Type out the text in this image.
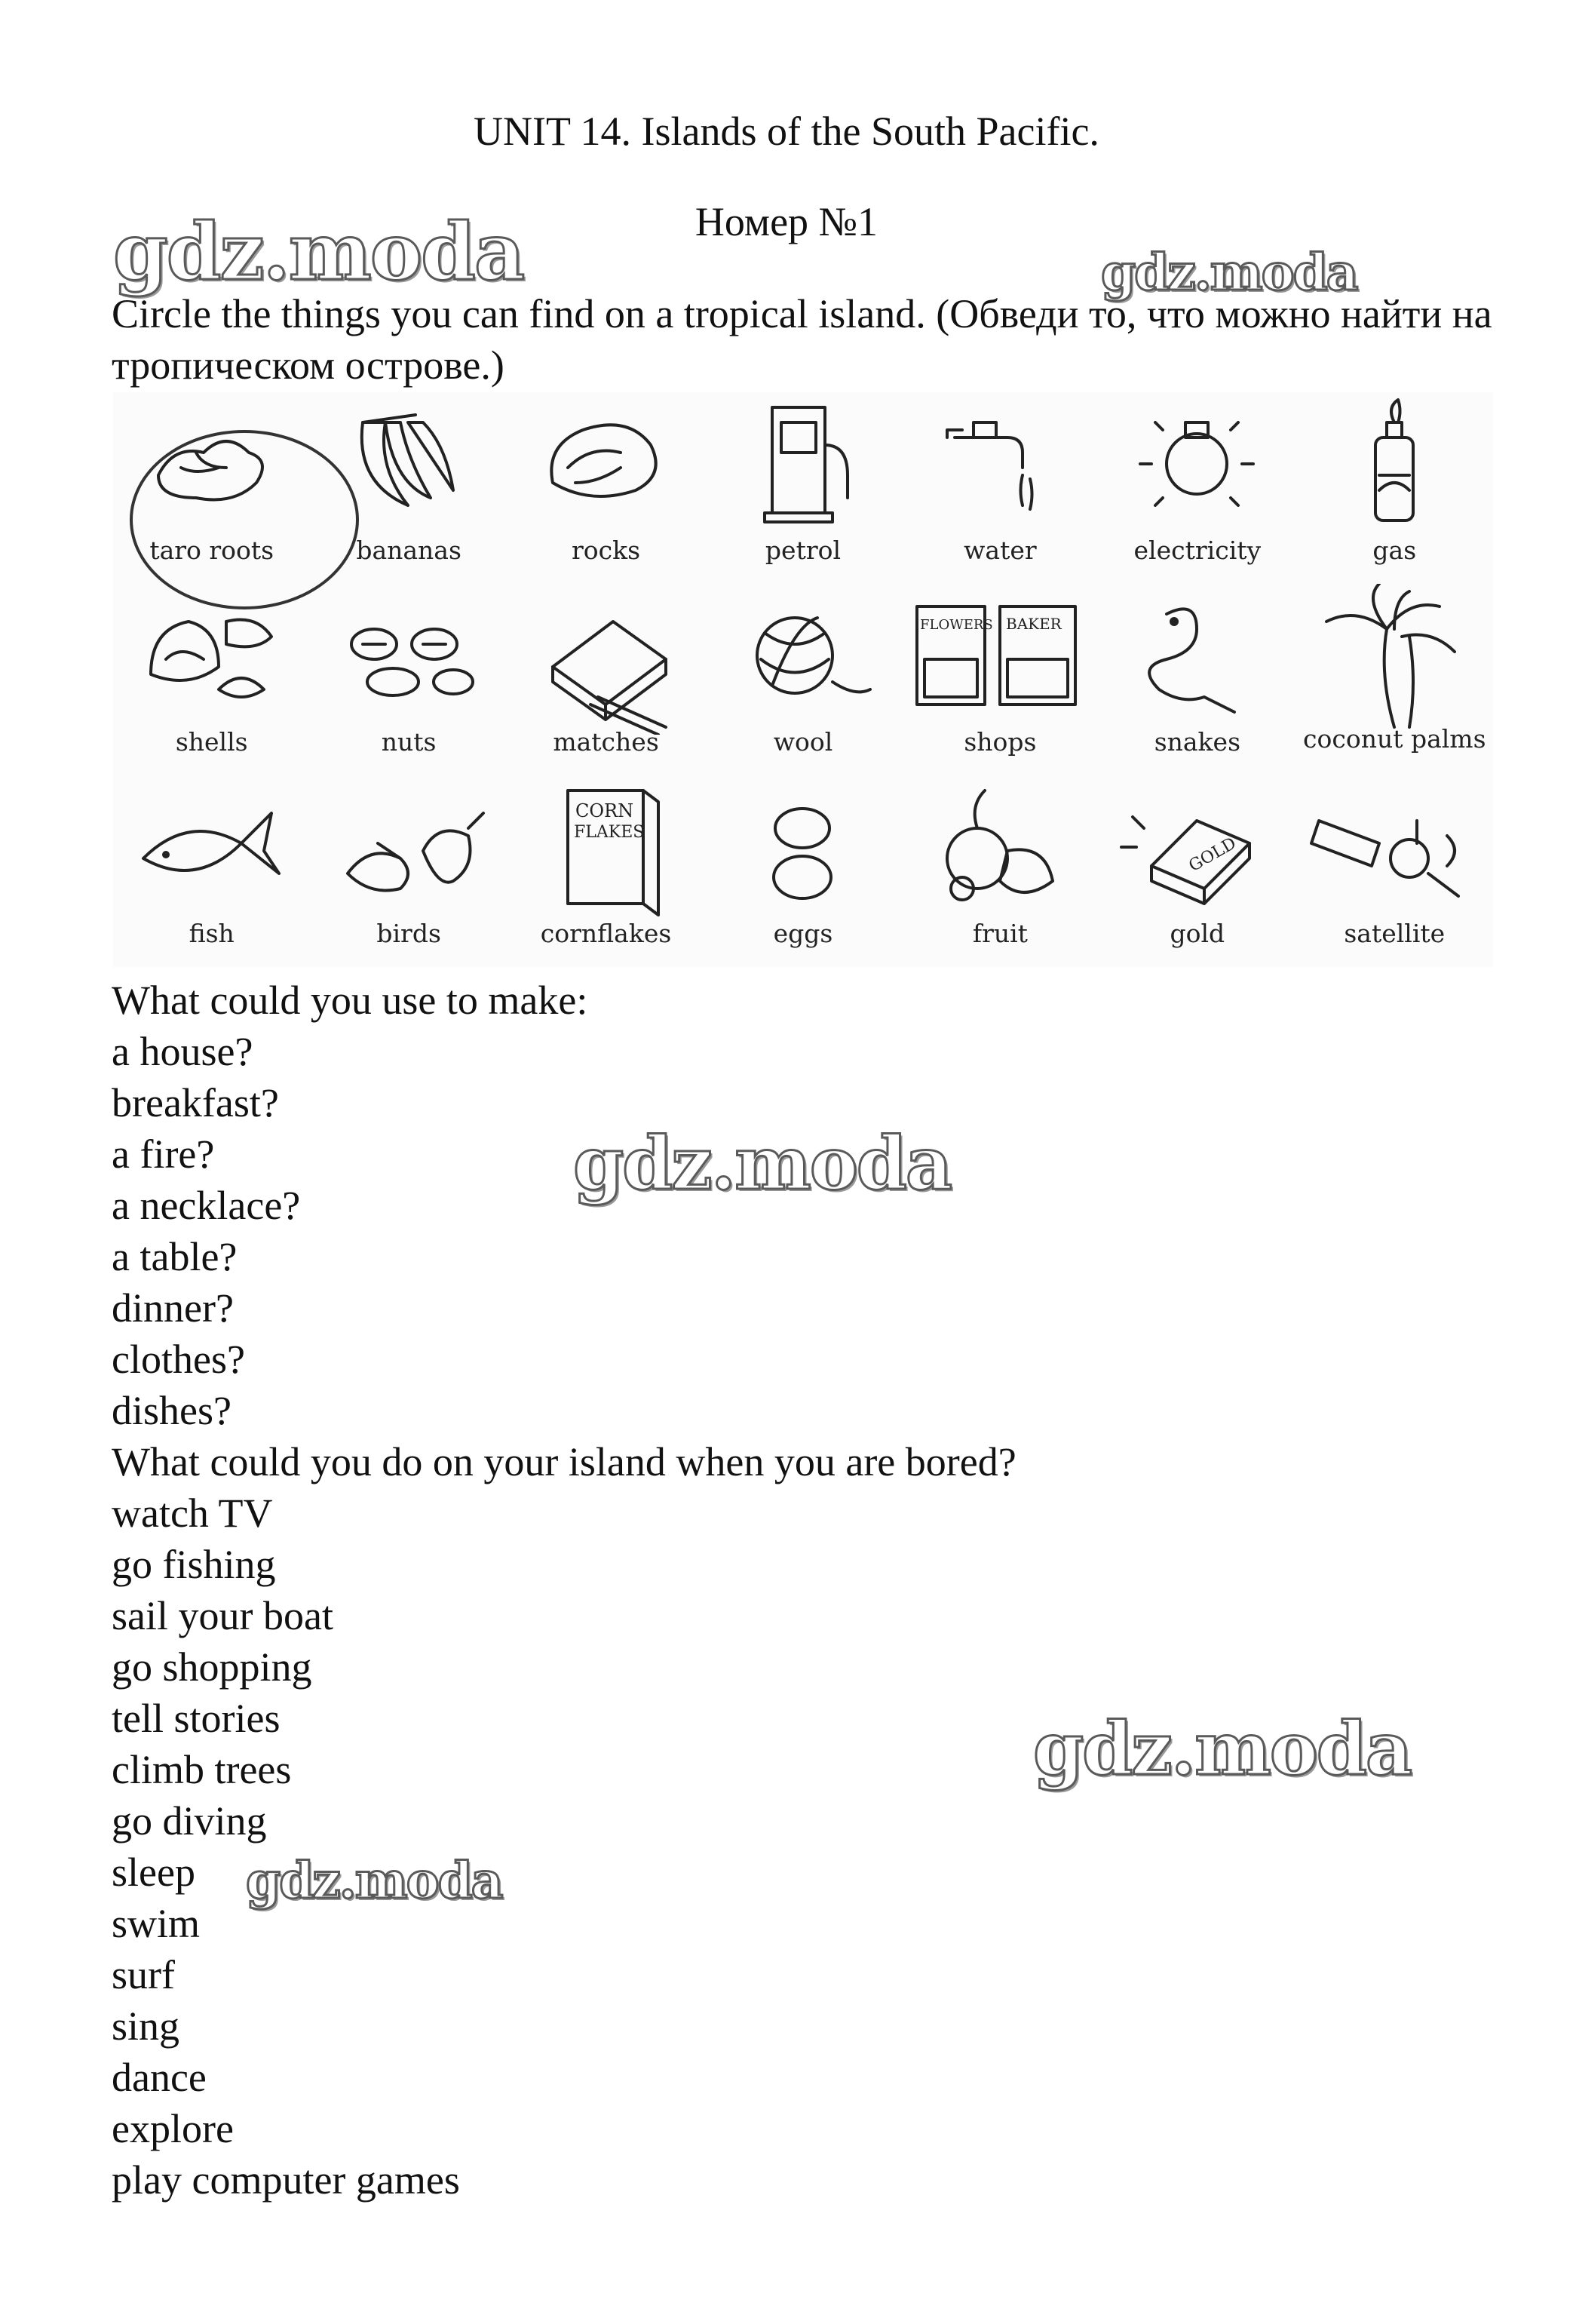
UNIT 14. Islands of the South Pacific.
Номер №1
gdz.moda	gdz.moda
Circle the things you can find on a tropical island. (Обведи то, что можно найти на тропическом острове.)
taro roots	bananas	rocks	petrol	water	electricity	gas
shells	nuts	matches	wool
FLOWERS BAKER
shops	snakes	coconut palms
fish	birds
CORN
FLAKES
cornflakes	eggs	fruit
GOLD
gold	satellite
gdz.moda
gdz.moda
gdz.moda
What could you use to make:
a house?
breakfast?
a fire?
a necklace?
a table?
dinner?
clothes?
dishes?
What could you do on your island when you are bored?
watch TV
go fishing
sail your boat
go shopping
tell stories
climb trees
go diving
sleep
swim
surf
sing
dance
explore
play computer games
